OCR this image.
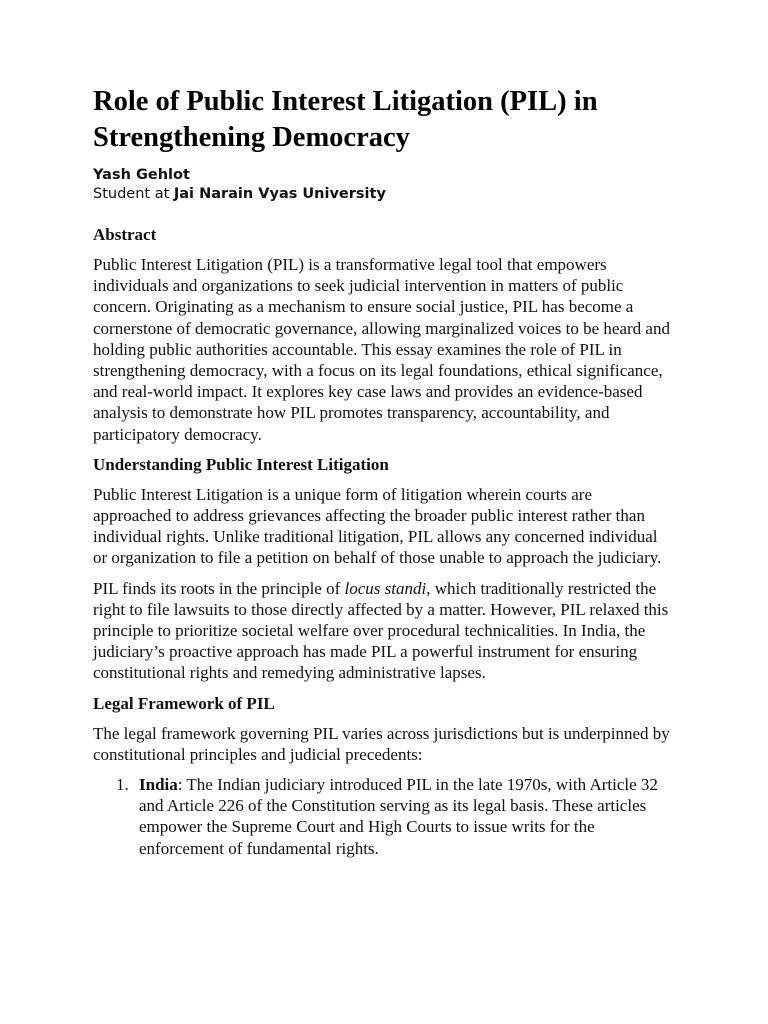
Role of Public Interest Litigation (PIL) in Strengthening Democracy

Yash Gehlot

Student at Jai Narain Vyas University

Abstract

Public Interest Litigation (PIL) is a transformative legal tool that empowers individuals and organizations to seek judicial intervention in matters of public concern. Originating as a mechanism to ensure social justice, PIL has become a cornerstone of democratic governance, allowing marginalized voices to be heard and holding public authorities accountable. This essay examines the role of PIL in strengthening democracy, with a focus on its legal foundations, ethical significance, and real-world impact. It explores key case laws and provides an evidence-based analysis to demonstrate how PIL promotes transparency, accountability, and participatory democracy.

Understanding Public Interest Litigation

Public Interest Litigation is a unique form of litigation wherein courts are approached to address grievances affecting the broader public interest rather than individual rights. Unlike traditional litigation, PIL allows any concerned individual or organization to file a petition on behalf of those unable to approach the judiciary.

PIL finds its roots in the principle of locus standi, which traditionally restricted the right to file lawsuits to those directly affected by a matter. However, PIL relaxed this principle to prioritize societal welfare over procedural technicalities. In India, the judiciary’s proactive approach has made PIL a powerful instrument for ensuring constitutional rights and remedying administrative lapses.

Legal Framework of PIL

The legal framework governing PIL varies across jurisdictions but is underpinned by constitutional principles and judicial precedents:

1. India: The Indian judiciary introduced PIL in the late 1970s, with Article 32 and Article 226 of the Constitution serving as its legal basis. These articles empower the Supreme Court and High Courts to issue writs for the enforcement of fundamental rights.
